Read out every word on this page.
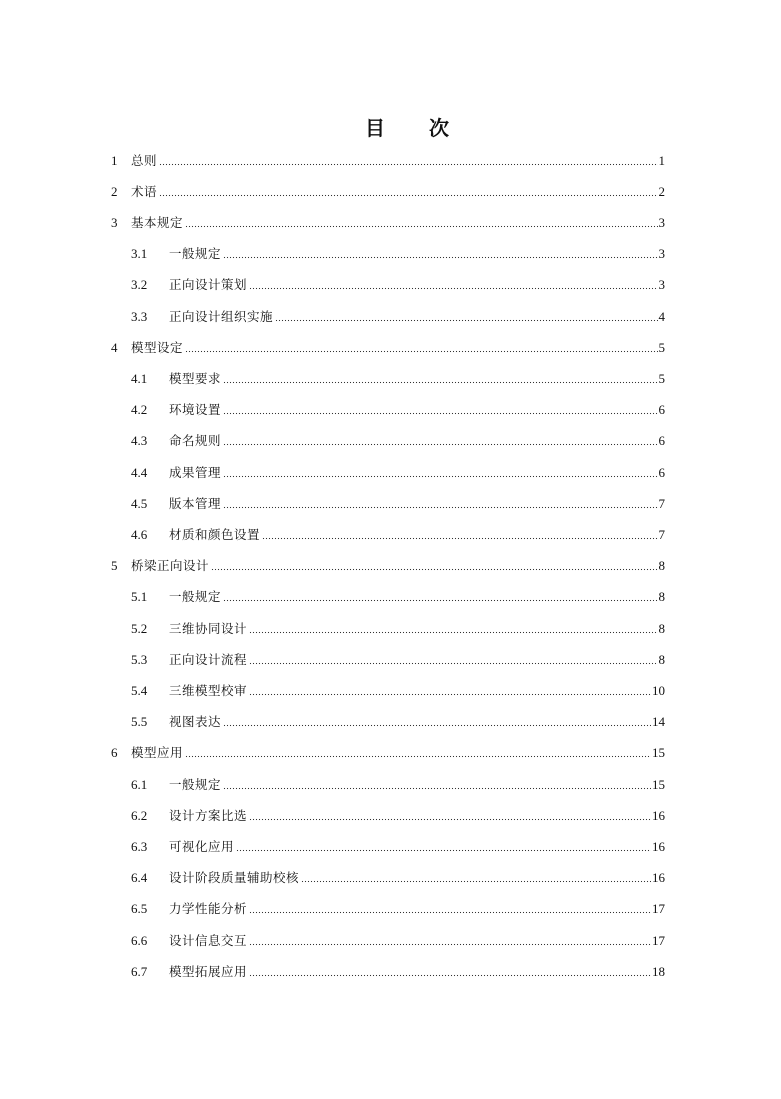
目　次
1	总则	1
2	术语	2
3	基本规定	3
3.1	一般规定	3
3.2	正向设计策划	3
3.3	正向设计组织实施	4
4	模型设定	5
4.1	模型要求	5
4.2	环境设置	6
4.3	命名规则	6
4.4	成果管理	6
4.5	版本管理	7
4.6	材质和颜色设置	7
5	桥梁正向设计	8
5.1	一般规定	8
5.2	三维协同设计	8
5.3	正向设计流程	8
5.4	三维模型校审	10
5.5	视图表达	14
6	模型应用	15
6.1	一般规定	15
6.2	设计方案比选	16
6.3	可视化应用	16
6.4	设计阶段质量辅助校核	16
6.5	力学性能分析	17
6.6	设计信息交互	17
6.7	模型拓展应用	18
